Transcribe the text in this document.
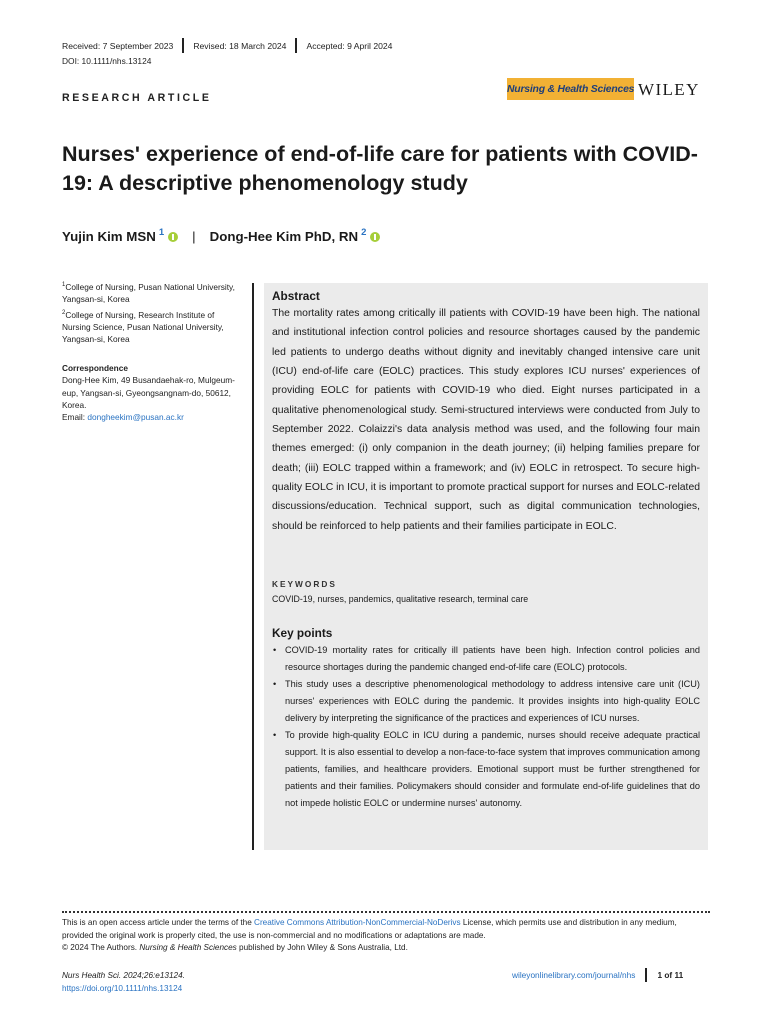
Received: 7 September 2023 Revised: 18 March 2024 Accepted: 9 April 2024
DOI: 10.1111/nhs.13124
RESEARCH ARTICLE
Nursing & Health Sciences WILEY
Nurses' experience of end-of-life care for patients with COVID-19: A descriptive phenomenology study
Yujin Kim MSN $^1$ | Dong-Hee Kim PhD, RN $^2$
$^1$College of Nursing, Pusan National University, Yangsan-si, Korea
$^2$College of Nursing, Research Institute of Nursing Science, Pusan National University, Yangsan-si, Korea
Correspondence
Dong-Hee Kim, 49 Busandaehak-ro, Mulgeum-eup, Yangsan-si, Gyeongsangnam-do, 50612, Korea.
Email: dongheekim@pusan.ac.kr
Abstract
The mortality rates among critically ill patients with COVID-19 have been high. The national and institutional infection control policies and resource shortages caused by the pandemic led patients to undergo deaths without dignity and inevitably changed intensive care unit (ICU) end-of-life care (EOLC) practices. This study explores ICU nurses' experiences of providing EOLC for patients with COVID-19 who died. Eight nurses participated in a qualitative phenomenological study. Semi-structured interviews were conducted from July to September 2022. Colaizzi's data analysis method was used, and the following four main themes emerged: (i) only companion in the death journey; (ii) helping families prepare for death; (iii) EOLC trapped within a framework; and (iv) EOLC in retrospect. To secure high-quality EOLC in ICU, it is important to promote practical support for nurses and EOLC-related discussions/education. Technical support, such as digital communication technologies, should be reinforced to help patients and their families participate in EOLC.
KEYWORDS
COVID-19, nurses, pandemics, qualitative research, terminal care
Key points
• COVID-19 mortality rates for critically ill patients have been high. Infection control policies and resource shortages during the pandemic changed end-of-life care (EOLC) protocols.
• This study uses a descriptive phenomenological methodology to address intensive care unit (ICU) nurses' experiences with EOLC during the pandemic. It provides insights into high-quality EOLC delivery by interpreting the significance of the practices and experiences of ICU nurses.
• To provide high-quality EOLC in ICU during a pandemic, nurses should receive adequate practical support. It is also essential to develop a non-face-to-face system that improves communication among patients, families, and healthcare providers. Emotional support must be further strengthened for patients and their families. Policymakers should consider and formulate end-of-life guidelines that do not impede holistic EOLC or undermine nurses' autonomy.
This is an open access article under the terms of the Creative Commons Attribution-NonCommercial-NoDerivs License, which permits use and distribution in any medium, provided the original work is properly cited, the use is non-commercial and no modifications or adaptations are made.
© 2024 The Authors. Nursing & Health Sciences published by John Wiley & Sons Australia, Ltd.
Nurs Health Sci. 2024;26:e13124.
https://doi.org/10.1111/nhs.13124
wileyonlinelibrary.com/journal/nhs	1 of 11
